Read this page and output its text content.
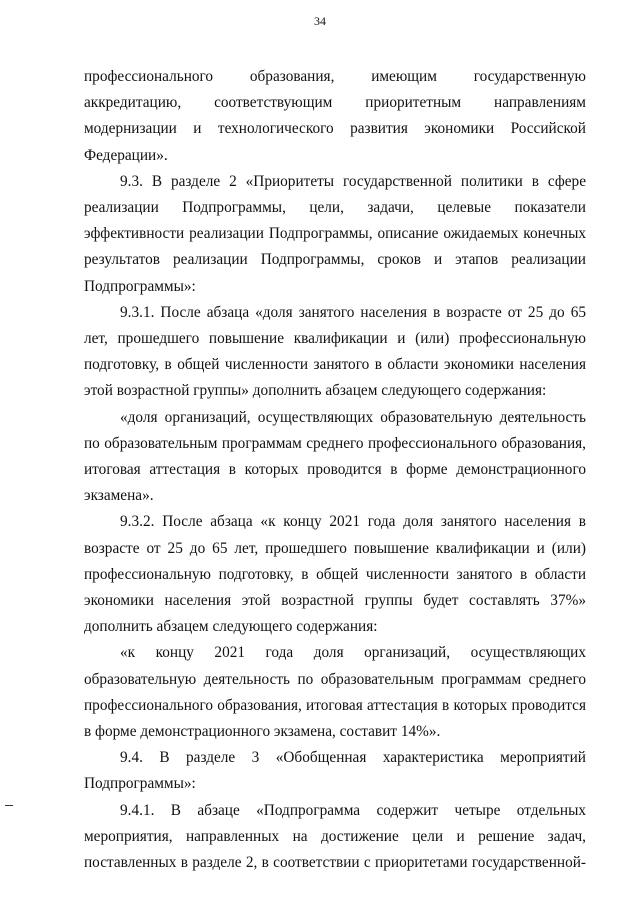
34

профессионального образования, имеющим государственную аккредитацию, соответствующим приоритетным направлениям модернизации и технологического развития экономики Российской Федерации».

9.3. В разделе 2 «Приоритеты государственной политики в сфере реализации Подпрограммы, цели, задачи, целевые показатели эффективности реализации Подпрограммы, описание ожидаемых конечных результатов реализации Подпрограммы, сроков и этапов реализации Подпрограммы»:

9.3.1. После абзаца «доля занятого населения в возрасте от 25 до 65 лет, прошедшего повышение квалификации и (или) профессиональную подготовку, в общей численности занятого в области экономики населения этой возрастной группы» дополнить абзацем следующего содержания:

«доля организаций, осуществляющих образовательную деятельность по образовательным программам среднего профессионального образования, итоговая аттестация в которых проводится в форме демонстрационного экзамена».

9.3.2. После абзаца «к концу 2021 года доля занятого населения в возрасте от 25 до 65 лет, прошедшего повышение квалификации и (или) профессиональную подготовку, в общей численности занятого в области экономики населения этой возрастной группы будет составлять 37%» дополнить абзацем следующего содержания:

«к концу 2021 года доля организаций, осуществляющих образовательную деятельность по образовательным программам среднего профессионального образования, итоговая аттестация в которых проводится в форме демонстрационного экзамена, составит 14%».

9.4. В разделе 3 «Обобщенная характеристика мероприятий Подпрограммы»:

9.4.1. В абзаце «Подпрограмма содержит четыре отдельных мероприятия, направленных на достижение цели и решение задач, поставленных в разделе 2, в соответствии с приоритетами государственной-
